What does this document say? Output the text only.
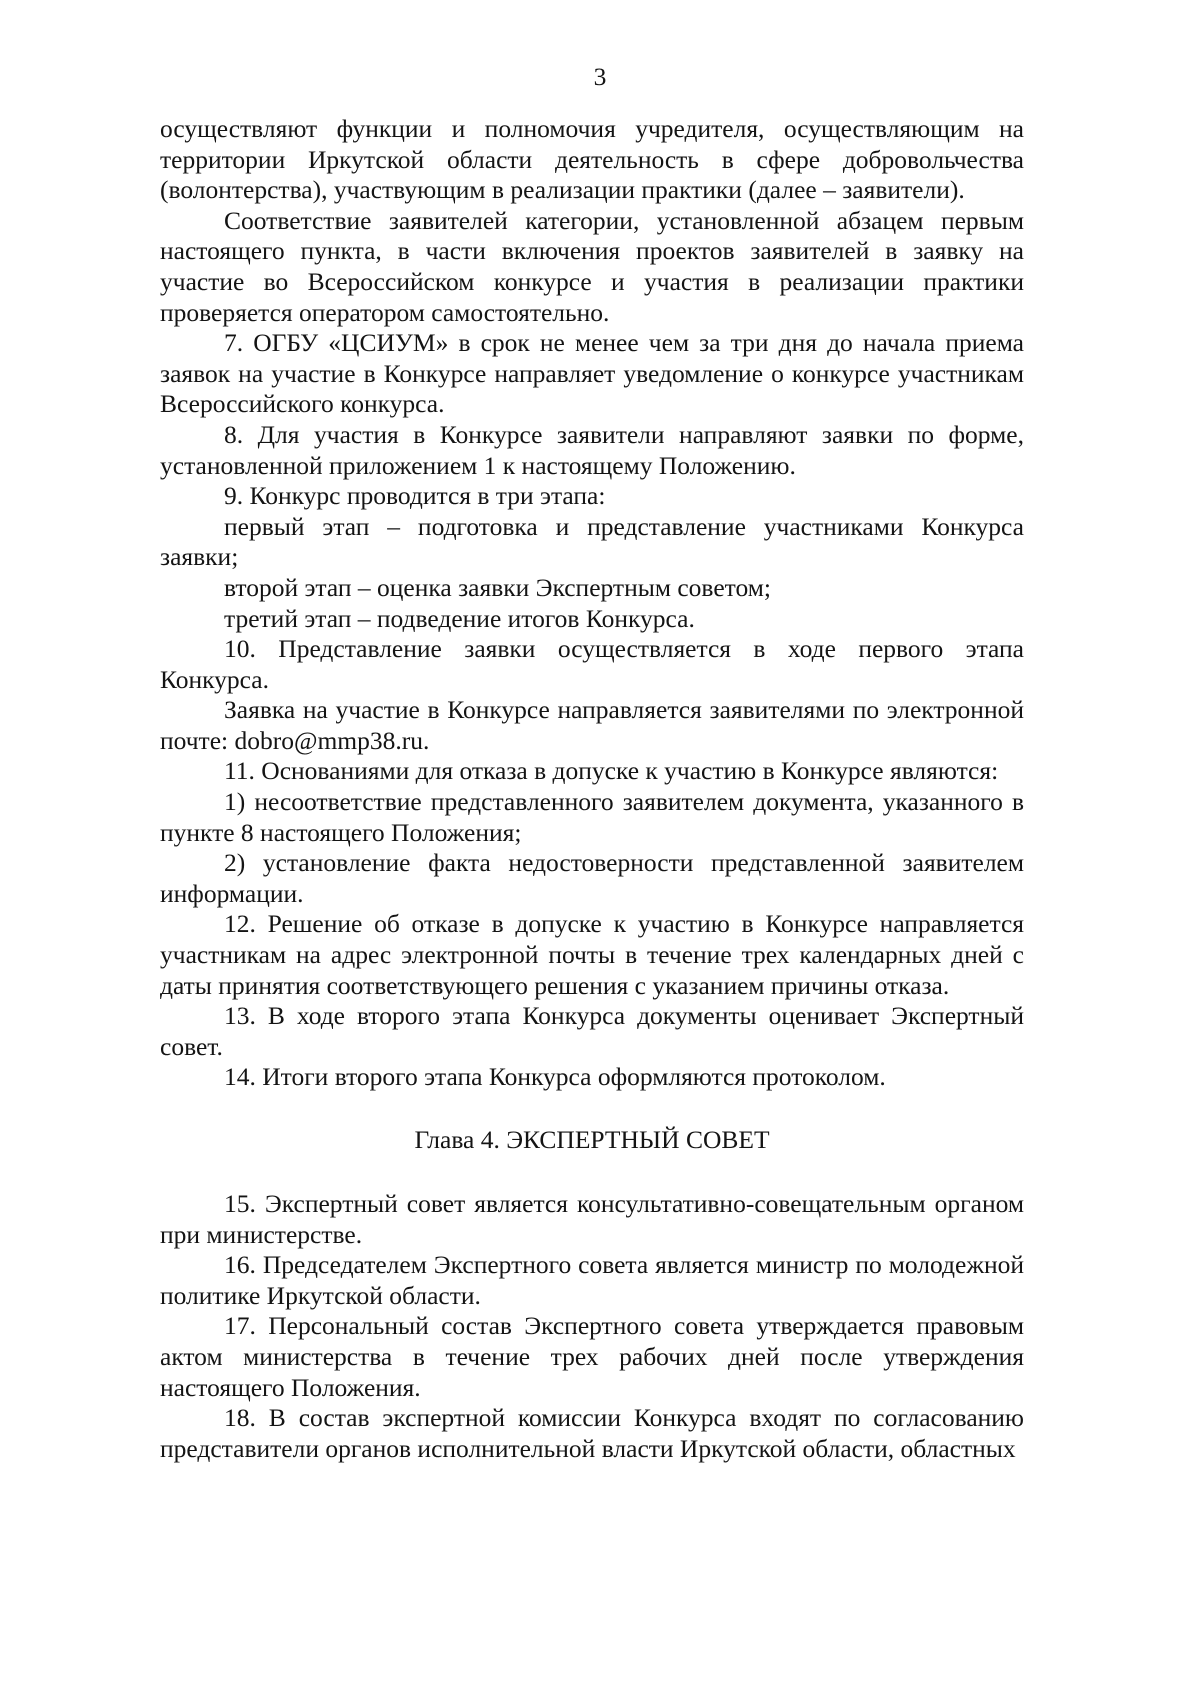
3

осуществляют функции и полномочия учредителя, осуществляющим на территории Иркутской области деятельность в сфере добровольчества (волонтерства), участвующим в реализации практики (далее – заявители).

Соответствие заявителей категории, установленной абзацем первым настоящего пункта, в части включения проектов заявителей в заявку на участие во Всероссийском конкурсе и участия в реализации практики проверяется оператором самостоятельно.

7. ОГБУ «ЦСИУМ» в срок не менее чем за три дня до начала приема заявок на участие в Конкурсе направляет уведомление о конкурсе участникам Всероссийского конкурса.

8. Для участия в Конкурсе заявители направляют заявки по форме, установленной приложением 1 к настоящему Положению.

9. Конкурс проводится в три этапа:

первый этап – подготовка и представление участниками Конкурса заявки;

второй этап – оценка заявки Экспертным советом;

третий этап – подведение итогов Конкурса.

10. Представление заявки осуществляется в ходе первого этапа Конкурса.

Заявка на участие в Конкурсе направляется заявителями по электронной почте: dobro@mmp38.ru.

11. Основаниями для отказа в допуске к участию в Конкурсе являются:

1) несоответствие представленного заявителем документа, указанного в пункте 8 настоящего Положения;

2) установление факта недостоверности представленной заявителем информации.

12. Решение об отказе в допуске к участию в Конкурсе направляется участникам на адрес электронной почты в течение трех календарных дней с даты принятия соответствующего решения с указанием причины отказа.

13. В ходе второго этапа Конкурса документы оценивает Экспертный совет.

14. Итоги второго этапа Конкурса оформляются протоколом.

Глава 4. ЭКСПЕРТНЫЙ СОВЕТ

15. Экспертный совет является консультативно-совещательным органом при министерстве.

16. Председателем Экспертного совета является министр по молодежной политике Иркутской области.

17. Персональный состав Экспертного совета утверждается правовым актом министерства в течение трех рабочих дней после утверждения настоящего Положения.

18. В состав экспертной комиссии Конкурса входят по согласованию представители органов исполнительной власти Иркутской области, областных
